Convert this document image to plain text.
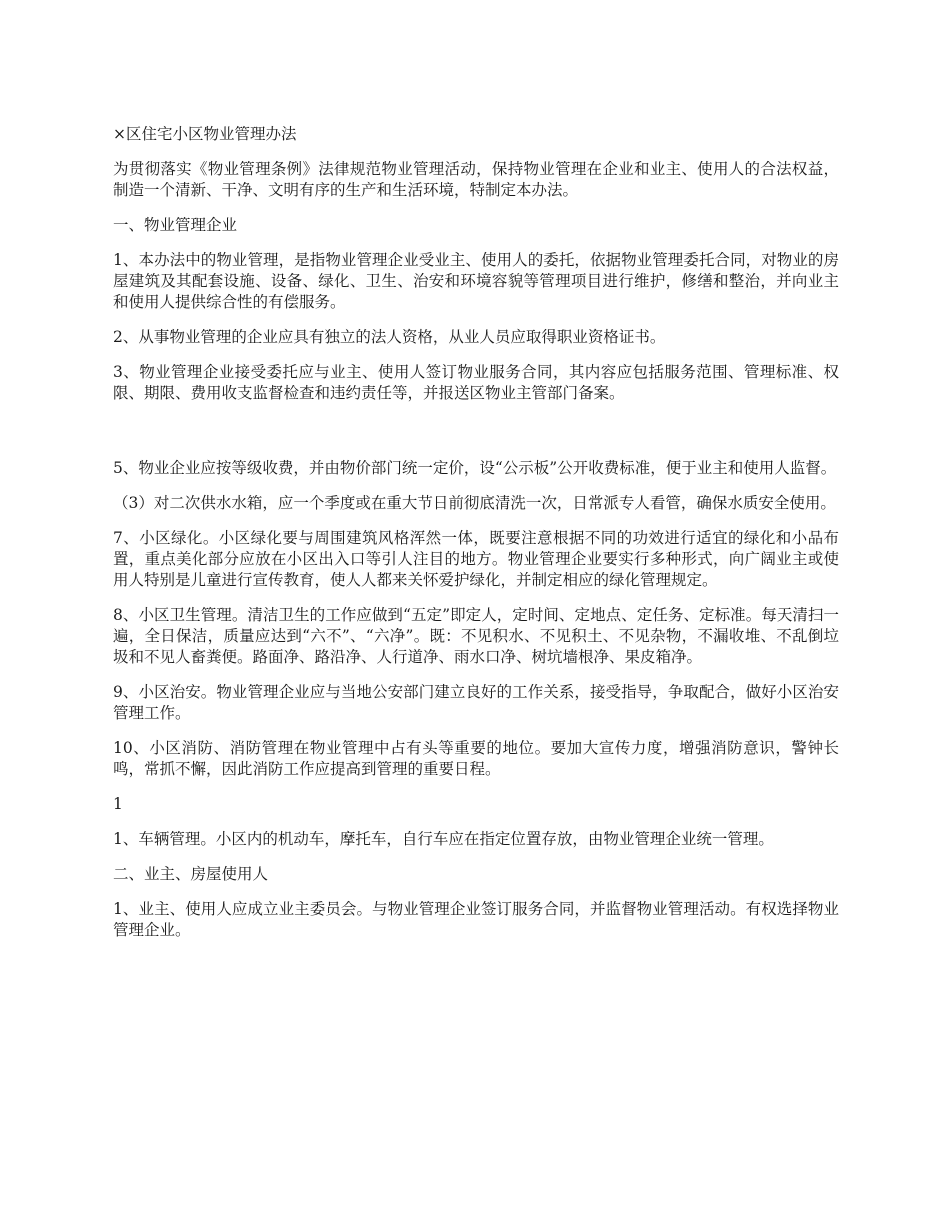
×区住宅小区物业管理办法

为贯彻落实《物业管理条例》法律规范物业管理活动，保持物业管理在企业和业主、使用人的合法权益，制造一个清新、干净、文明有序的生产和生活环境，特制定本办法。

一、物业管理企业

1、本办法中的物业管理，是指物业管理企业受业主、使用人的委托，依据物业管理委托合同，对物业的房屋建筑及其配套设施、设备、绿化、卫生、治安和环境容貌等管理项目进行维护，修缮和整治，并向业主和使用人提供综合性的有偿服务。

2、从事物业管理的企业应具有独立的法人资格，从业人员应取得职业资格证书。

3、物业管理企业接受委托应与业主、使用人签订物业服务合同，其内容应包括服务范围、管理标准、权限、期限、费用收支监督检查和违约责任等，并报送区物业主管部门备案。

5、物业企业应按等级收费，并由物价部门统一定价，设“公示板”公开收费标准，便于业主和使用人监督。

（3）对二次供水水箱，应一个季度或在重大节日前彻底清洗一次，日常派专人看管，确保水质安全使用。

7、小区绿化。小区绿化要与周围建筑风格浑然一体，既要注意根据不同的功效进行适宜的绿化和小品布置，重点美化部分应放在小区出入口等引人注目的地方。物业管理企业要实行多种形式，向广阔业主或使用人特别是儿童进行宣传教育，使人人都来关怀爱护绿化，并制定相应的绿化管理规定。

8、小区卫生管理。清洁卫生的工作应做到“五定”即定人，定时间、定地点、定任务、定标准。每天清扫一遍，全日保洁，质量应达到“六不”、“六净”。既：不见积水、不见积土、不见杂物，不漏收堆、不乱倒垃圾和不见人畜粪便。路面净、路沿净、人行道净、雨水口净、树坑墙根净、果皮箱净。

9、小区治安。物业管理企业应与当地公安部门建立良好的工作关系，接受指导，争取配合，做好小区治安管理工作。

10、小区消防、消防管理在物业管理中占有头等重要的地位。要加大宣传力度，增强消防意识，警钟长鸣，常抓不懈，因此消防工作应提高到管理的重要日程。

1

1、车辆管理。小区内的机动车，摩托车，自行车应在指定位置存放，由物业管理企业统一管理。

二、业主、房屋使用人

1、业主、使用人应成立业主委员会。与物业管理企业签订服务合同，并监督物业管理活动。有权选择物业管理企业。
